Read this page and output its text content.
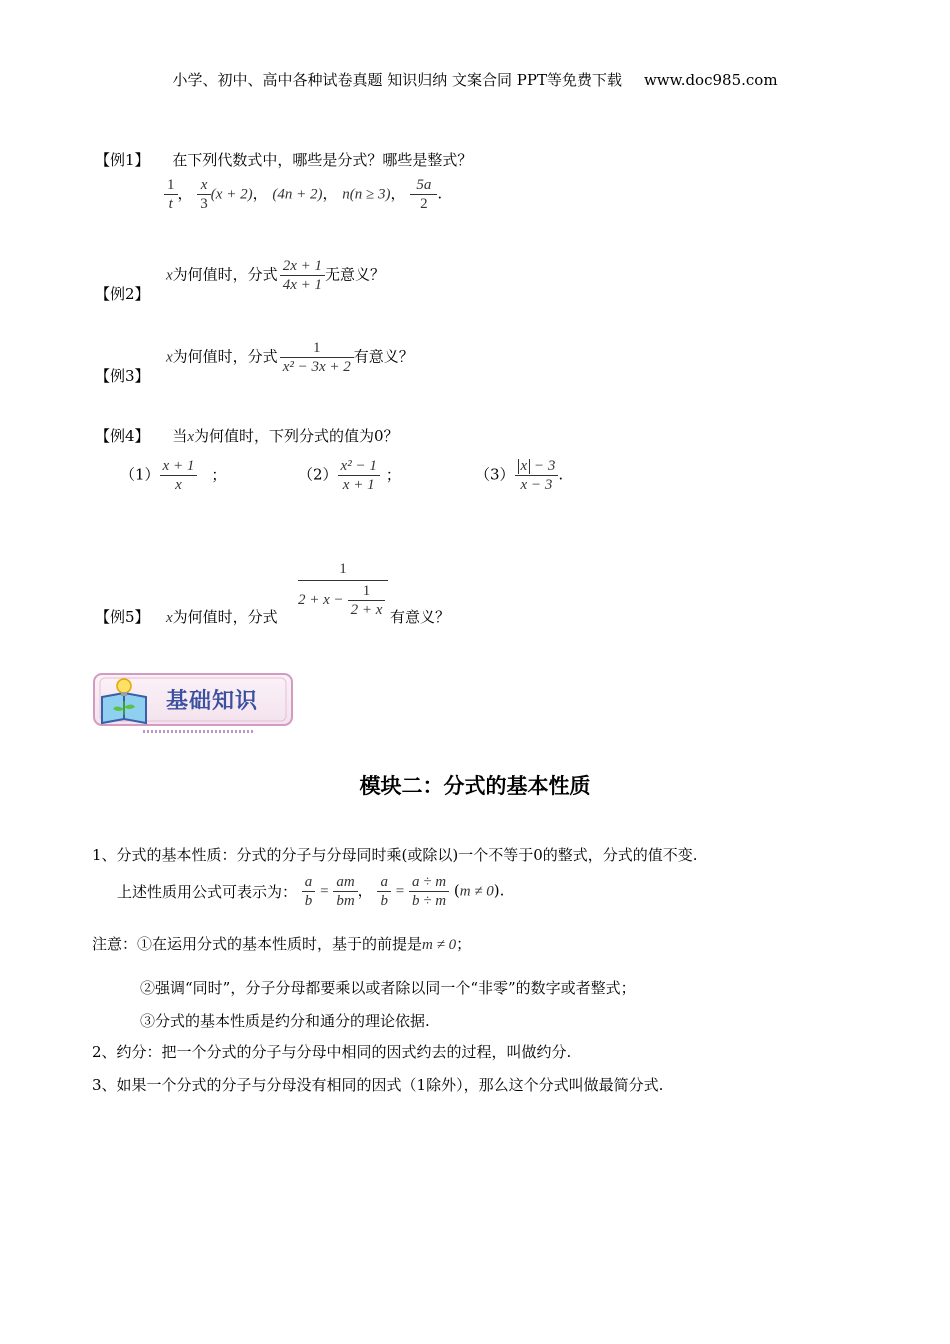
小学、初中、高中各种试卷真题 知识归纳 文案合同 PPT等免费下载 www.doc985.com
【例1】 在下列代数式中，哪些是分式？哪些是整式？
$\frac{1}{t}$ ， $\frac{x}{3} (x + 2)$， (4n + 2)， n(n ≥ 3)， $\frac{5a}{2}$ .
【例2】
x为何值时，分式 $\frac{2x + 1}{4x + 1}$ 无意义？
【例3】
x为何值时，分式 $\frac{1}{\text{x² − 3x + 2}}$ 有意义？
【例4】 当x为何值时，下列分式的值为0？
$(1) \frac{x + 1}{x}$ ；	$(2) \frac{\text{x² − 1}}{x + 1}$ ；	$(3) \frac{x - 3}{x - 3}$ .
【例5】 x为何值时，分式
1
$2 + x - \frac{1}{2 + x}$ 有意义？
基础知识
模块二：分式的基本性质
1、分式的基本性质：分式的分子与分母同时乘(或除以)一个不等于0的整式，分式的值不变.
上述性质用公式可表示为： $\frac{a}{b} = \frac{am}{bm}$ ， $\frac{a}{b} = \frac{a \div m}{b \div m} (m \ne 0)$.
注意：①在运用分式的基本性质时，基于的前提是m ≠ 0；
②强调“同时”，分子分母都要乘以或者除以同一个“非零”的数字或者整式；
③分式的基本性质是约分和通分的理论依据.
2、约分：把一个分式的分子与分母中相同的因式约去的过程，叫做约分.
3、如果一个分式的分子与分母没有相同的因式（1除外），那么这个分式叫做最简分式.
